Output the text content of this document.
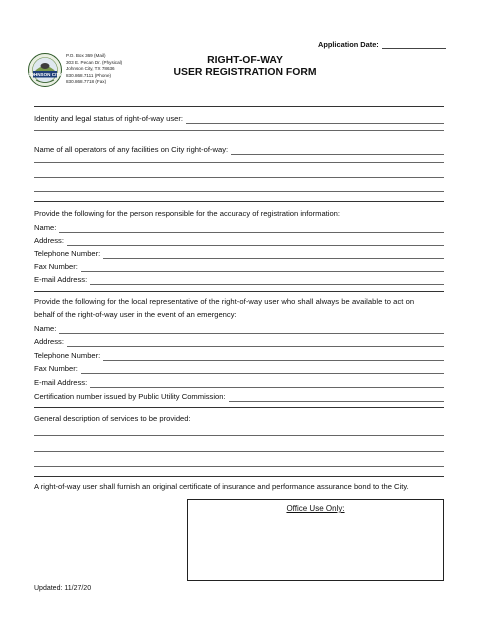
Application Date:
JOHNSON CITY
P.O. Box 369 (Mail)
303 E. Pecan Dr. (Physical)
Johnson City, TX 78636
830.868.7111 (Phone)
830.868.7718 (Fax)
RIGHT-OF-WAY
USER REGISTRATION FORM
Identity and legal status of right-of-way user:
Name of all operators of any facilities on City right-of-way:
Provide the following for the person responsible for the accuracy of registration information:
Name:
Address:
Telephone Number:
Fax Number:
E-mail Address:
Provide the following for the local representative of the right-of-way user who shall always be available to act on
behalf of the right-of-way user in the event of an emergency:
Name:
Address:
Telephone Number:
Fax Number:
E-mail Address:
Certification number issued by Public Utility Commission:
General description of services to be provided:
A right-of-way user shall furnish an original certificate of insurance and performance assurance bond to the City.
Office Use Only:
Updated: 11/27/20
